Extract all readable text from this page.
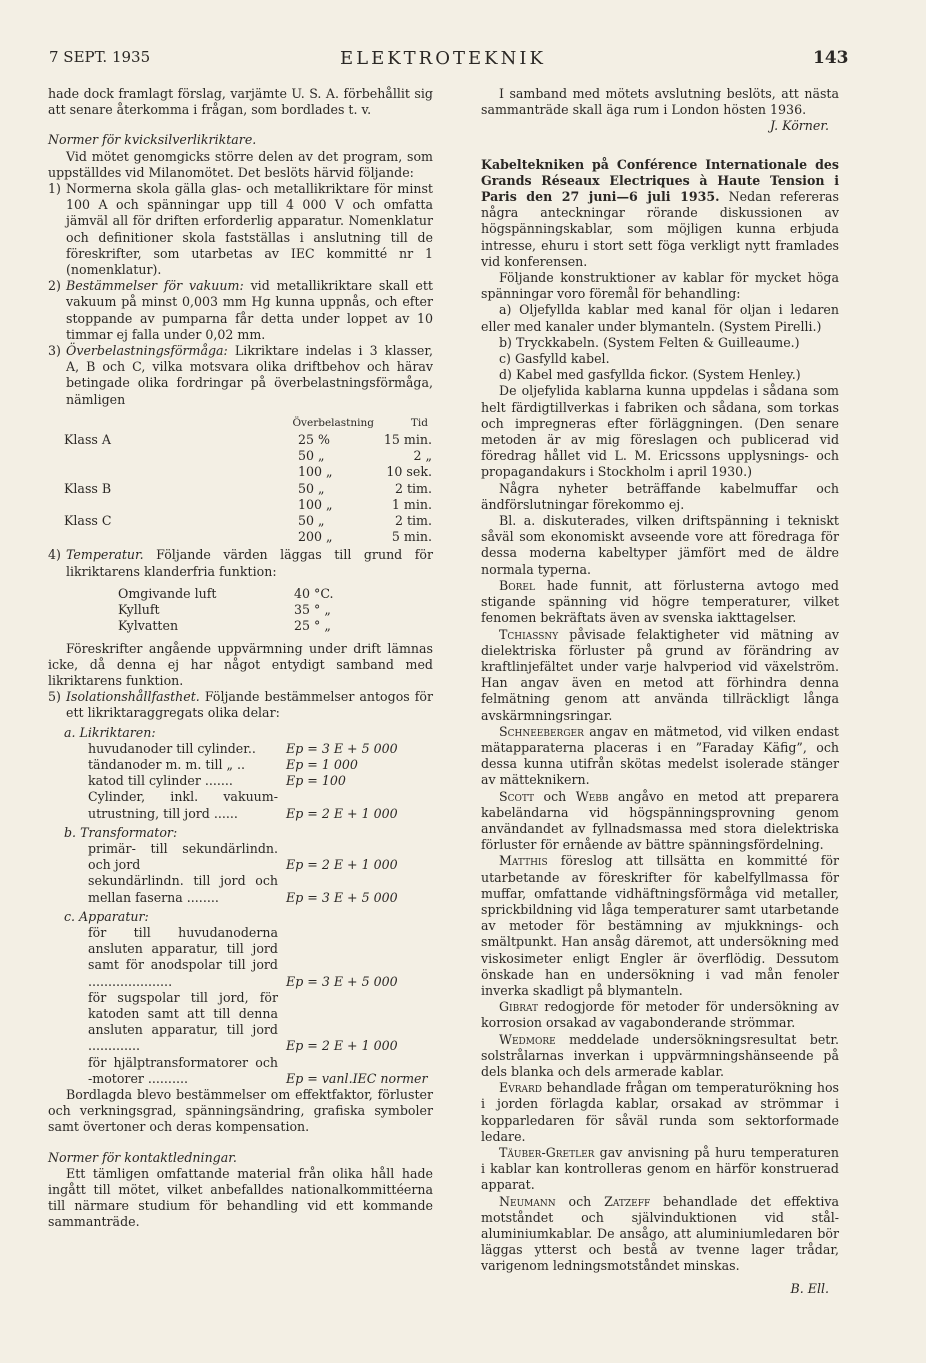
7 SEPT. 1935	ELEKTROTEKNIK	143

hade dock framlagt förslag, varjämte U. S. A. förbehållit sig att senare återkomma i frågan, som bordlades t. v.

Normer för kvicksilverlikriktare.

Vid mötet genomgicks större delen av det program, som uppställdes vid Milanomötet. Det beslöts härvid följande:

1) Normerna skola gälla glas- och metallikriktare för minst 100 A och spänningar upp till 4 000 V och omfatta jämväl all för driften erforderlig apparatur. Nomenklatur och definitioner skola fastställas i anslutning till de föreskrifter, som utarbetas av IEC kommitté nr 1 (nomenklatur).
2) Bestämmelser för vakuum: vid metallikriktare skall ett vakuum på minst 0,003 mm Hg kunna uppnås, och efter stoppande av pumparna får detta under loppet av 10 timmar ej falla under 0,02 mm.
3) Överbelastningsförmåga: Likriktare indelas i 3 klasser, A, B och C, vilka motsvara olika driftbehov och härav betingade olika fordringar på överbelastningsförmåga, nämligen
	Överbelastning	Tid
Klass A	25 %	15 min.
	50 „	2 „
	100 „	10 sek.
Klass B	50 „	2 tim.
	100 „	1 min.
Klass C	50 „	2 tim.
	200 „	5 min.
4) Temperatur. Följande värden läggas till grund för likriktarens klanderfria funktion:
Omgivande luft	40 °C.
Kylluft	35 ° „
Kylvatten	25 ° „

Föreskrifter angående uppvärmning under drift lämnas icke, då denna ej har något entydigt samband med likriktarens funktion.

5) Isolationshållfasthet. Följande bestämmelser antogos för ett likriktaraggregats olika delar:
a. Likriktaren:
huvudanoder till cylinder..	Ep = 3 E + 5 000
tändanoder m. m. till „ ..	Ep = 1 000
katod till cylinder .......	Ep = 100
Cylinder, inkl. vakuum-utrustning, till jord ......	Ep = 2 E + 1 000
b. Transformator:
primär- till sekundärlindn. och jord	Ep = 2 E + 1 000
sekundärlindn. till jord och mellan faserna ........	Ep = 3 E + 5 000
c. Apparatur:
för till huvudanoderna ansluten apparatur, till jord samt för anodspolar till jord .....................	Ep = 3 E + 5 000
för sugspolar till jord, för katoden samt att till denna ansluten apparatur, till jord .............	Ep = 2 E + 1 000
för hjälptransformatorer och -motorer ..........	Ep = vanl.IEC normer

Bordlagda blevo bestämmelser om effektfaktor, förluster och verkningsgrad, spänningsändring, grafiska symboler samt övertoner och deras kompensation.

Normer för kontaktledningar.

Ett tämligen omfattande material från olika håll hade ingått till mötet, vilket anbefalldes nationalkommittéerna till närmare studium för behandling vid ett kommande sammanträde.

I samband med mötets avslutning beslöts, att nästa sammanträde skall äga rum i London hösten 1936.

J. Körner.

Kabeltekniken på Conférence Internationale des Grands Réseaux Electriques à Haute Tension i Paris den 27 juni—6 juli 1935. Nedan refereras några anteckningar rörande diskussionen av högspänningskablar, som möjligen kunna erbjuda intresse, ehuru i stort sett föga verkligt nytt framlades vid konferensen.

Följande konstruktioner av kablar för mycket höga spänningar voro föremål för behandling:

a) Oljefyllda kablar med kanal för oljan i ledaren eller med kanaler under blymanteln. (System Pirelli.)

b) Tryckkabeln. (System Felten & Guilleaume.)

c) Gasfylld kabel.

d) Kabel med gasfyllda fickor. (System Henley.)

De oljefylida kablarna kunna uppdelas i sådana som helt färdigtillverkas i fabriken och sådana, som torkas och impregneras efter förläggningen. (Den senare metoden är av mig föreslagen och publicerad vid föredrag hållet vid L. M. Ericssons upplysnings- och propagandakurs i Stockholm i april 1930.)

Några nyheter beträffande kabelmuffar och ändförslutningar förekommo ej.

Bl. a. diskuterades, vilken driftspänning i tekniskt såväl som ekonomiskt avseende vore att föredraga för dessa moderna kabeltyper jämfört med de äldre normala typerna.

Borel hade funnit, att förlusterna avtogo med stigande spänning vid högre temperaturer, vilket fenomen bekräftats även av svenska iakttagelser.

Tchiassny påvisade felaktigheter vid mätning av dielektriska förluster på grund av förändring av kraftlinjefältet under varje halvperiod vid växelström. Han angav även en metod att förhindra denna felmätning genom att använda tillräckligt långa avskärmningsringar.

Schneeberger angav en mätmetod, vid vilken endast mätapparaterna placeras i en ”Faraday Käfig”, och dessa kunna utifrån skötas medelst isolerade stänger av mätteknikern.

Scott och Webb angåvo en metod att preparera kabeländarna vid högspänningsprovning genom användandet av fyllnadsmassa med stora dielektriska förluster för ernående av bättre spänningsfördelning.

Matthis föreslog att tillsätta en kommitté för utarbetande av föreskrifter för kabelfyllmassa för muffar, omfattande vidhäftningsförmåga vid metaller, sprickbildning vid låga temperaturer samt utarbetande av metoder för bestämning av mjukknings- och smältpunkt. Han ansåg däremot, att undersökning med viskosimeter enligt Engler är överflödig. Dessutom önskade han en undersökning i vad mån fenoler inverka skadligt på blymanteln.

Gibrat redogjorde för metoder för undersökning av korrosion orsakad av vagabonderande strömmar.

Wedmore meddelade undersökningsresultat betr. solstrålarnas inverkan i uppvärmningshänseende på dels blanka och dels armerade kablar.

Evrard behandlade frågan om temperaturökning hos i jorden förlagda kablar, orsakad av strömmar i kopparledaren för såväl runda som sektorformade ledare.

Täuber-Gretler gav anvisning på huru temperaturen i kablar kan kontrolleras genom en härför konstruerad apparat.

Neumann och Zatzeff behandlade det effektiva motståndet och självinduktionen vid stål-aluminiumkablar. De ansågo, att aluminiumledaren bör läggas ytterst och bestå av tvenne lager trådar, varigenom ledningsmotståndet minskas.

B. Ell.
